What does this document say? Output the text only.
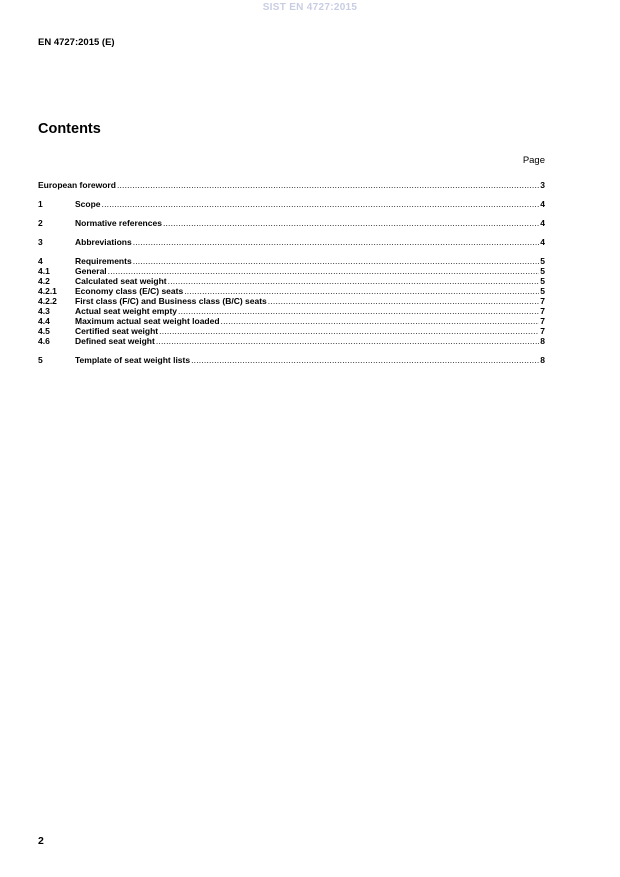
SIST EN 4727:2015
EN 4727:2015 (E)
Contents
Page
European foreword .....	3
1	Scope .....	4
2	Normative references .....	4
3	Abbreviations .....	4
4	Requirements .....	5
4.1	General .....	5
4.2	Calculated seat weight .....	5
4.2.1	Economy class (E/C) seats .....	5
4.2.2	First class (F/C) and Business class (B/C) seats .....	7
4.3	Actual seat weight empty .....	7
4.4	Maximum actual seat weight loaded .....	7
4.5	Certified seat weight .....	7
4.6	Defined seat weight .....	8
5	Template of seat weight lists .....	8
2
